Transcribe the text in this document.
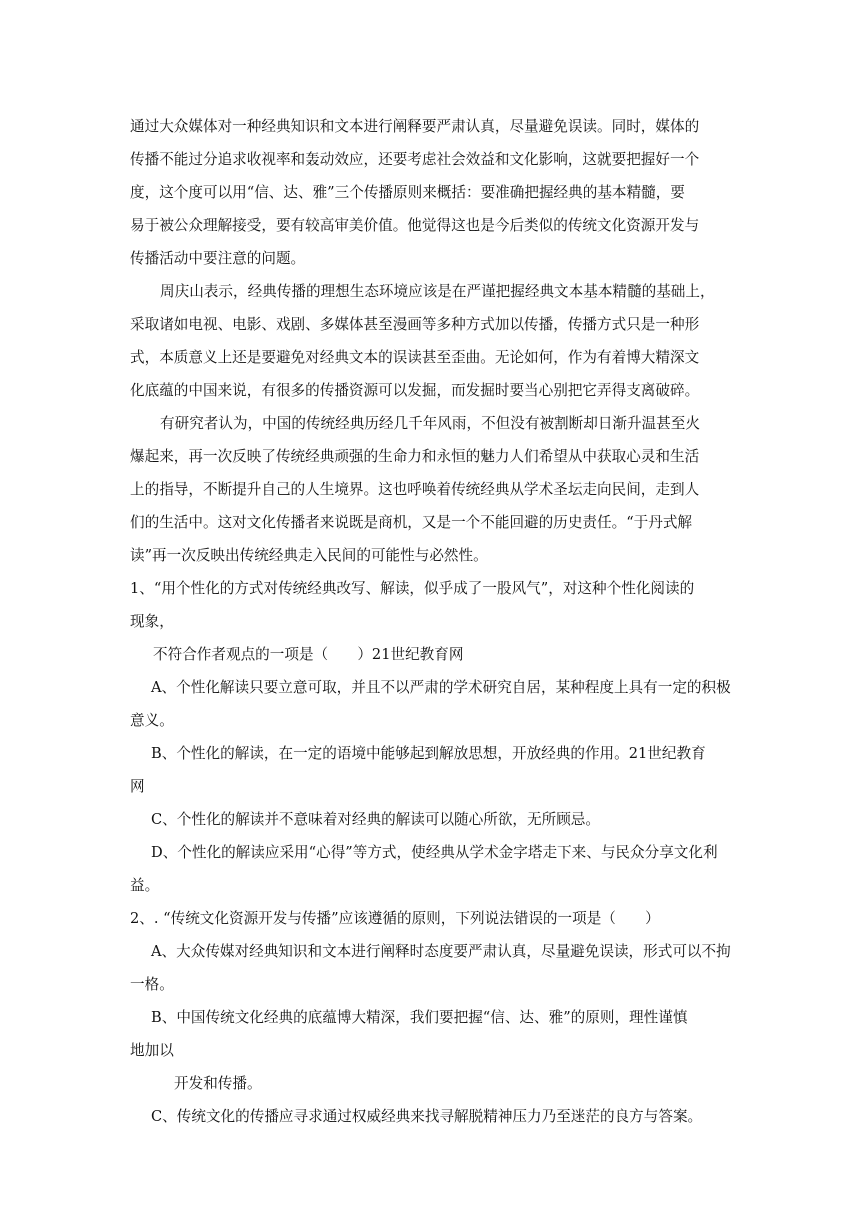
通过大众媒体对一种经典知识和文本进行阐释要严肃认真，尽量避免误读。同时，媒体的
传播不能过分追求收视率和轰动效应，还要考虑社会效益和文化影响，这就要把握好一个
度，这个度可以用“信、达、雅”三个传播原则来概括：要准确把握经典的基本精髓，要
易于被公众理解接受，要有较高审美价值。他觉得这也是今后类似的传统文化资源开发与
传播活动中要注意的问题。
周庆山表示，经典传播的理想生态环境应该是在严谨把握经典文本基本精髓的基础上，
采取诸如电视、电影、戏剧、多媒体甚至漫画等多种方式加以传播，传播方式只是一种形
式，本质意义上还是要避免对经典文本的误读甚至歪曲。无论如何，作为有着博大精深文
化底蕴的中国来说，有很多的传播资源可以发掘，而发掘时要当心别把它弄得支离破碎。
有研究者认为，中国的传统经典历经几千年风雨，不但没有被割断却日渐升温甚至火
爆起来，再一次反映了传统经典顽强的生命力和永恒的魅力人们希望从中获取心灵和生活
上的指导，不断提升自己的人生境界。这也呼唤着传统经典从学术圣坛走向民间，走到人
们的生活中。这对文化传播者来说既是商机，又是一个不能回避的历史责任。“于丹式解
读”再一次反映出传统经典走入民间的可能性与必然性。
1、“用个性化的方式对传统经典改写、解读，似乎成了一股风气”，对这种个性化阅读的
现象，
不符合作者观点的一项是（　　）21世纪教育网
A、个性化解读只要立意可取，并且不以严肃的学术研究自居，某种程度上具有一定的积极
意义。
B、个性化的解读，在一定的语境中能够起到解放思想，开放经典的作用。21世纪教育
网
C、个性化的解读并不意味着对经典的解读可以随心所欲，无所顾忌。
D、个性化的解读应采用“心得”等方式，使经典从学术金字塔走下来、与民众分享文化利
益。
2、. “传统文化资源开发与传播”应该遵循的原则，下列说法错误的一项是（　　）
A、大众传媒对经典知识和文本进行阐释时态度要严肃认真，尽量避免误读，形式可以不拘
一格。
B、中国传统文化经典的底蕴博大精深，我们要把握“信、达、雅”的原则，理性谨慎
地加以
开发和传播。
C、传统文化的传播应寻求通过权威经典来找寻解脱精神压力乃至迷茫的良方与答案。
